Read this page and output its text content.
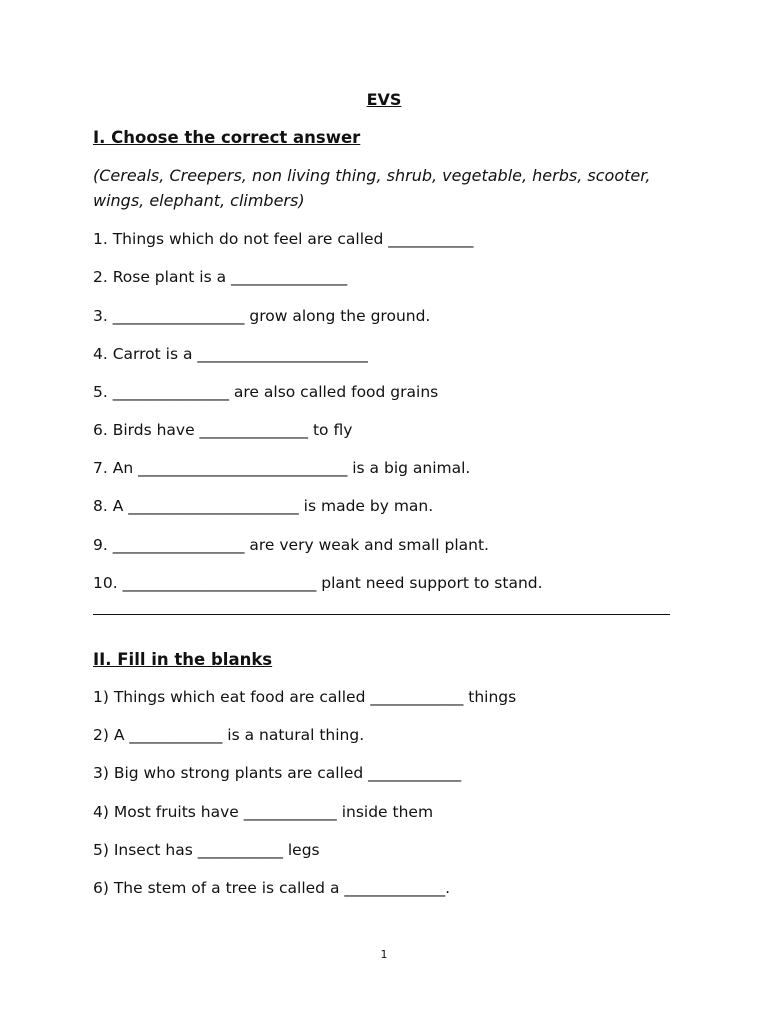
EVS
I. Choose the correct answer
(Cereals, Creepers, non living thing, shrub, vegetable, herbs, scooter, wings, elephant, climbers)
1. Things which do not feel are called ___________
2. Rose plant is a _______________
3. _________________ grow along the ground.
4. Carrot is a ______________________
5. _______________ are also called food grains
6. Birds have ______________ to fly
7. An ___________________________ is a big animal.
8. A ______________________ is made by man.
9. _________________ are very weak and small plant.
10. _________________________ plant need support to stand.
II. Fill in the blanks
1) Things which eat food are called ____________ things
2) A ____________ is a natural thing.
3) Big who strong plants are called ____________
4) Most fruits have ____________ inside them
5) Insect has ___________ legs
6) The stem of a tree is called a _____________.
1
